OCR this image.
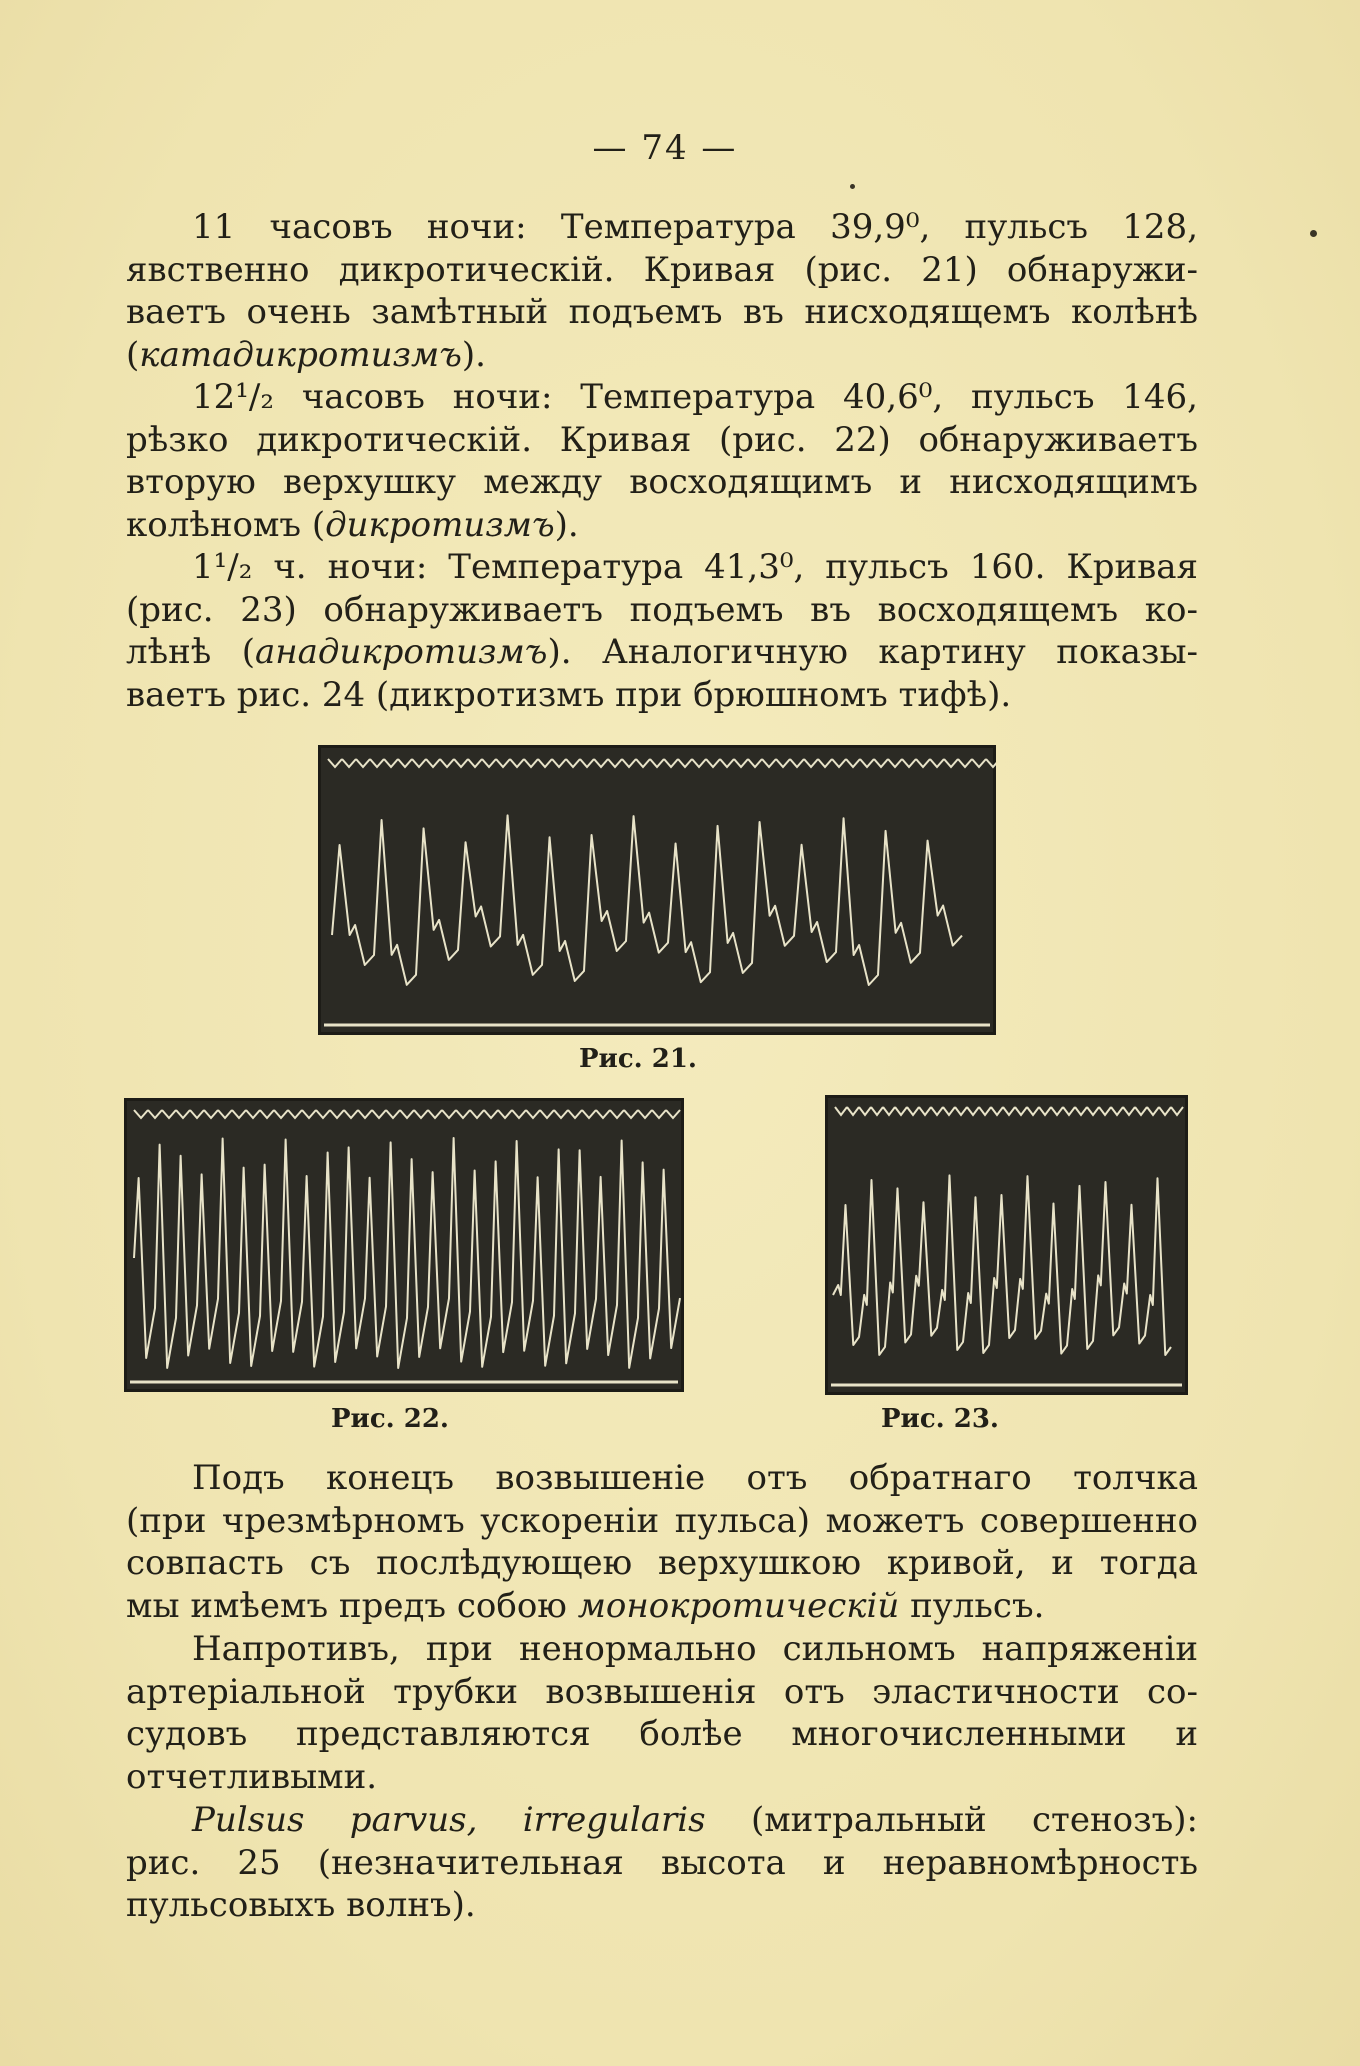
— 74 —
11 часовъ ночи: Температура 39,9⁰, пульсъ 128,
явственно дикротическій. Кривая (рис. 21) обнаружи-
ваетъ очень замѣтный подъемъ въ нисходящемъ колѣнѣ
(катадикротизмъ).
12¹/₂ часовъ ночи: Температура 40,6⁰, пульсъ 146,
рѣзко дикротическій. Кривая (рис. 22) обнаруживаетъ
вторую верхушку между восходящимъ и нисходящимъ
колѣномъ (дикротизмъ).
1¹/₂ ч. ночи: Температура 41,3⁰, пульсъ 160. Кривая
(рис. 23) обнаруживаетъ подъемъ въ восходящемъ ко-
лѣнѣ (анадикротизмъ). Аналогичную картину показы-
ваетъ рис. 24 (дикротизмъ при брюшномъ тифѣ).
Рис. 21.
Рис. 22.	Рис. 23.
Подъ конецъ возвышеніе отъ обратнаго толчка
(при чрезмѣрномъ ускореніи пульса) можетъ совершенно
совпасть съ послѣдующею верхушкою кривой, и тогда
мы имѣемъ предъ собою монокротическій пульсъ.
Напротивъ, при ненормально сильномъ напряженіи
артеріальной трубки возвышенія отъ эластичности со-
судовъ представляются болѣе многочисленными и
отчетливыми.
Pulsus parvus, irregularis (митральный стенозъ):
рис. 25 (незначительная высота и неравномѣрность
пульсовыхъ волнъ).
